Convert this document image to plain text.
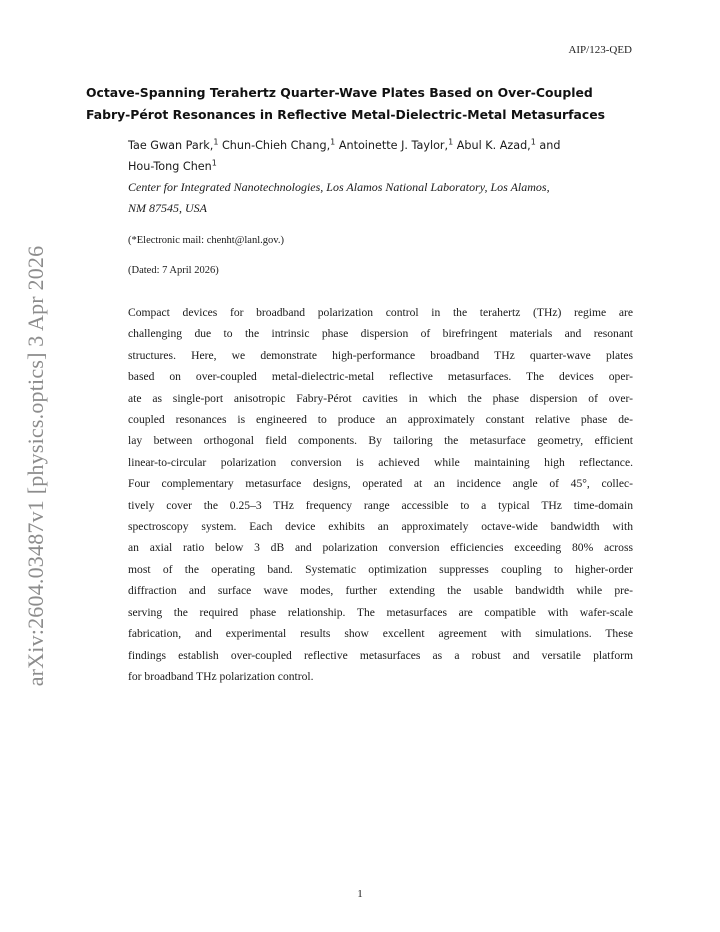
arXiv:2604.03487v1 [physics.optics] 3 Apr 2026
AIP/123-QED
Octave-Spanning Terahertz Quarter-Wave Plates Based on Over-Coupled
Fabry-Pérot Resonances in Reflective Metal-Dielectric-Metal Metasurfaces

Tae Gwan Park,$^1$ Chun-Chieh Chang,$^1$ Antoinette J. Taylor,$^1$ Abul K. Azad,$^1$ and
Hou-Tong Chen$^1$

Center for Integrated Nanotechnologies, Los Alamos National Laboratory, Los Alamos,
NM 87545, USA

(*Electronic mail: chenht@lanl.gov.)
(Dated: 7 April 2026)
Compact devices for broadband polarization control in the terahertz (THz) regime are
challenging due to the intrinsic phase dispersion of birefringent materials and resonant
structures. Here, we demonstrate high-performance broadband THz quarter-wave plates
based on over-coupled metal-dielectric-metal reflective metasurfaces. The devices oper-
ate as single-port anisotropic Fabry-Pérot cavities in which the phase dispersion of over-
coupled resonances is engineered to produce an approximately constant relative phase de-
lay between orthogonal field components. By tailoring the metasurface geometry, efficient
linear-to-circular polarization conversion is achieved while maintaining high reflectance.
Four complementary metasurface designs, operated at an incidence angle of 45°, collec-
tively cover the 0.25–3 THz frequency range accessible to a typical THz time-domain
spectroscopy system. Each device exhibits an approximately octave-wide bandwidth with
an axial ratio below 3 dB and polarization conversion efficiencies exceeding 80% across
most of the operating band. Systematic optimization suppresses coupling to higher-order
diffraction and surface wave modes, further extending the usable bandwidth while pre-
serving the required phase relationship. The metasurfaces are compatible with wafer-scale
fabrication, and experimental results show excellent agreement with simulations. These
findings establish over-coupled reflective metasurfaces as a robust and versatile platform
for broadband THz polarization control.
1
